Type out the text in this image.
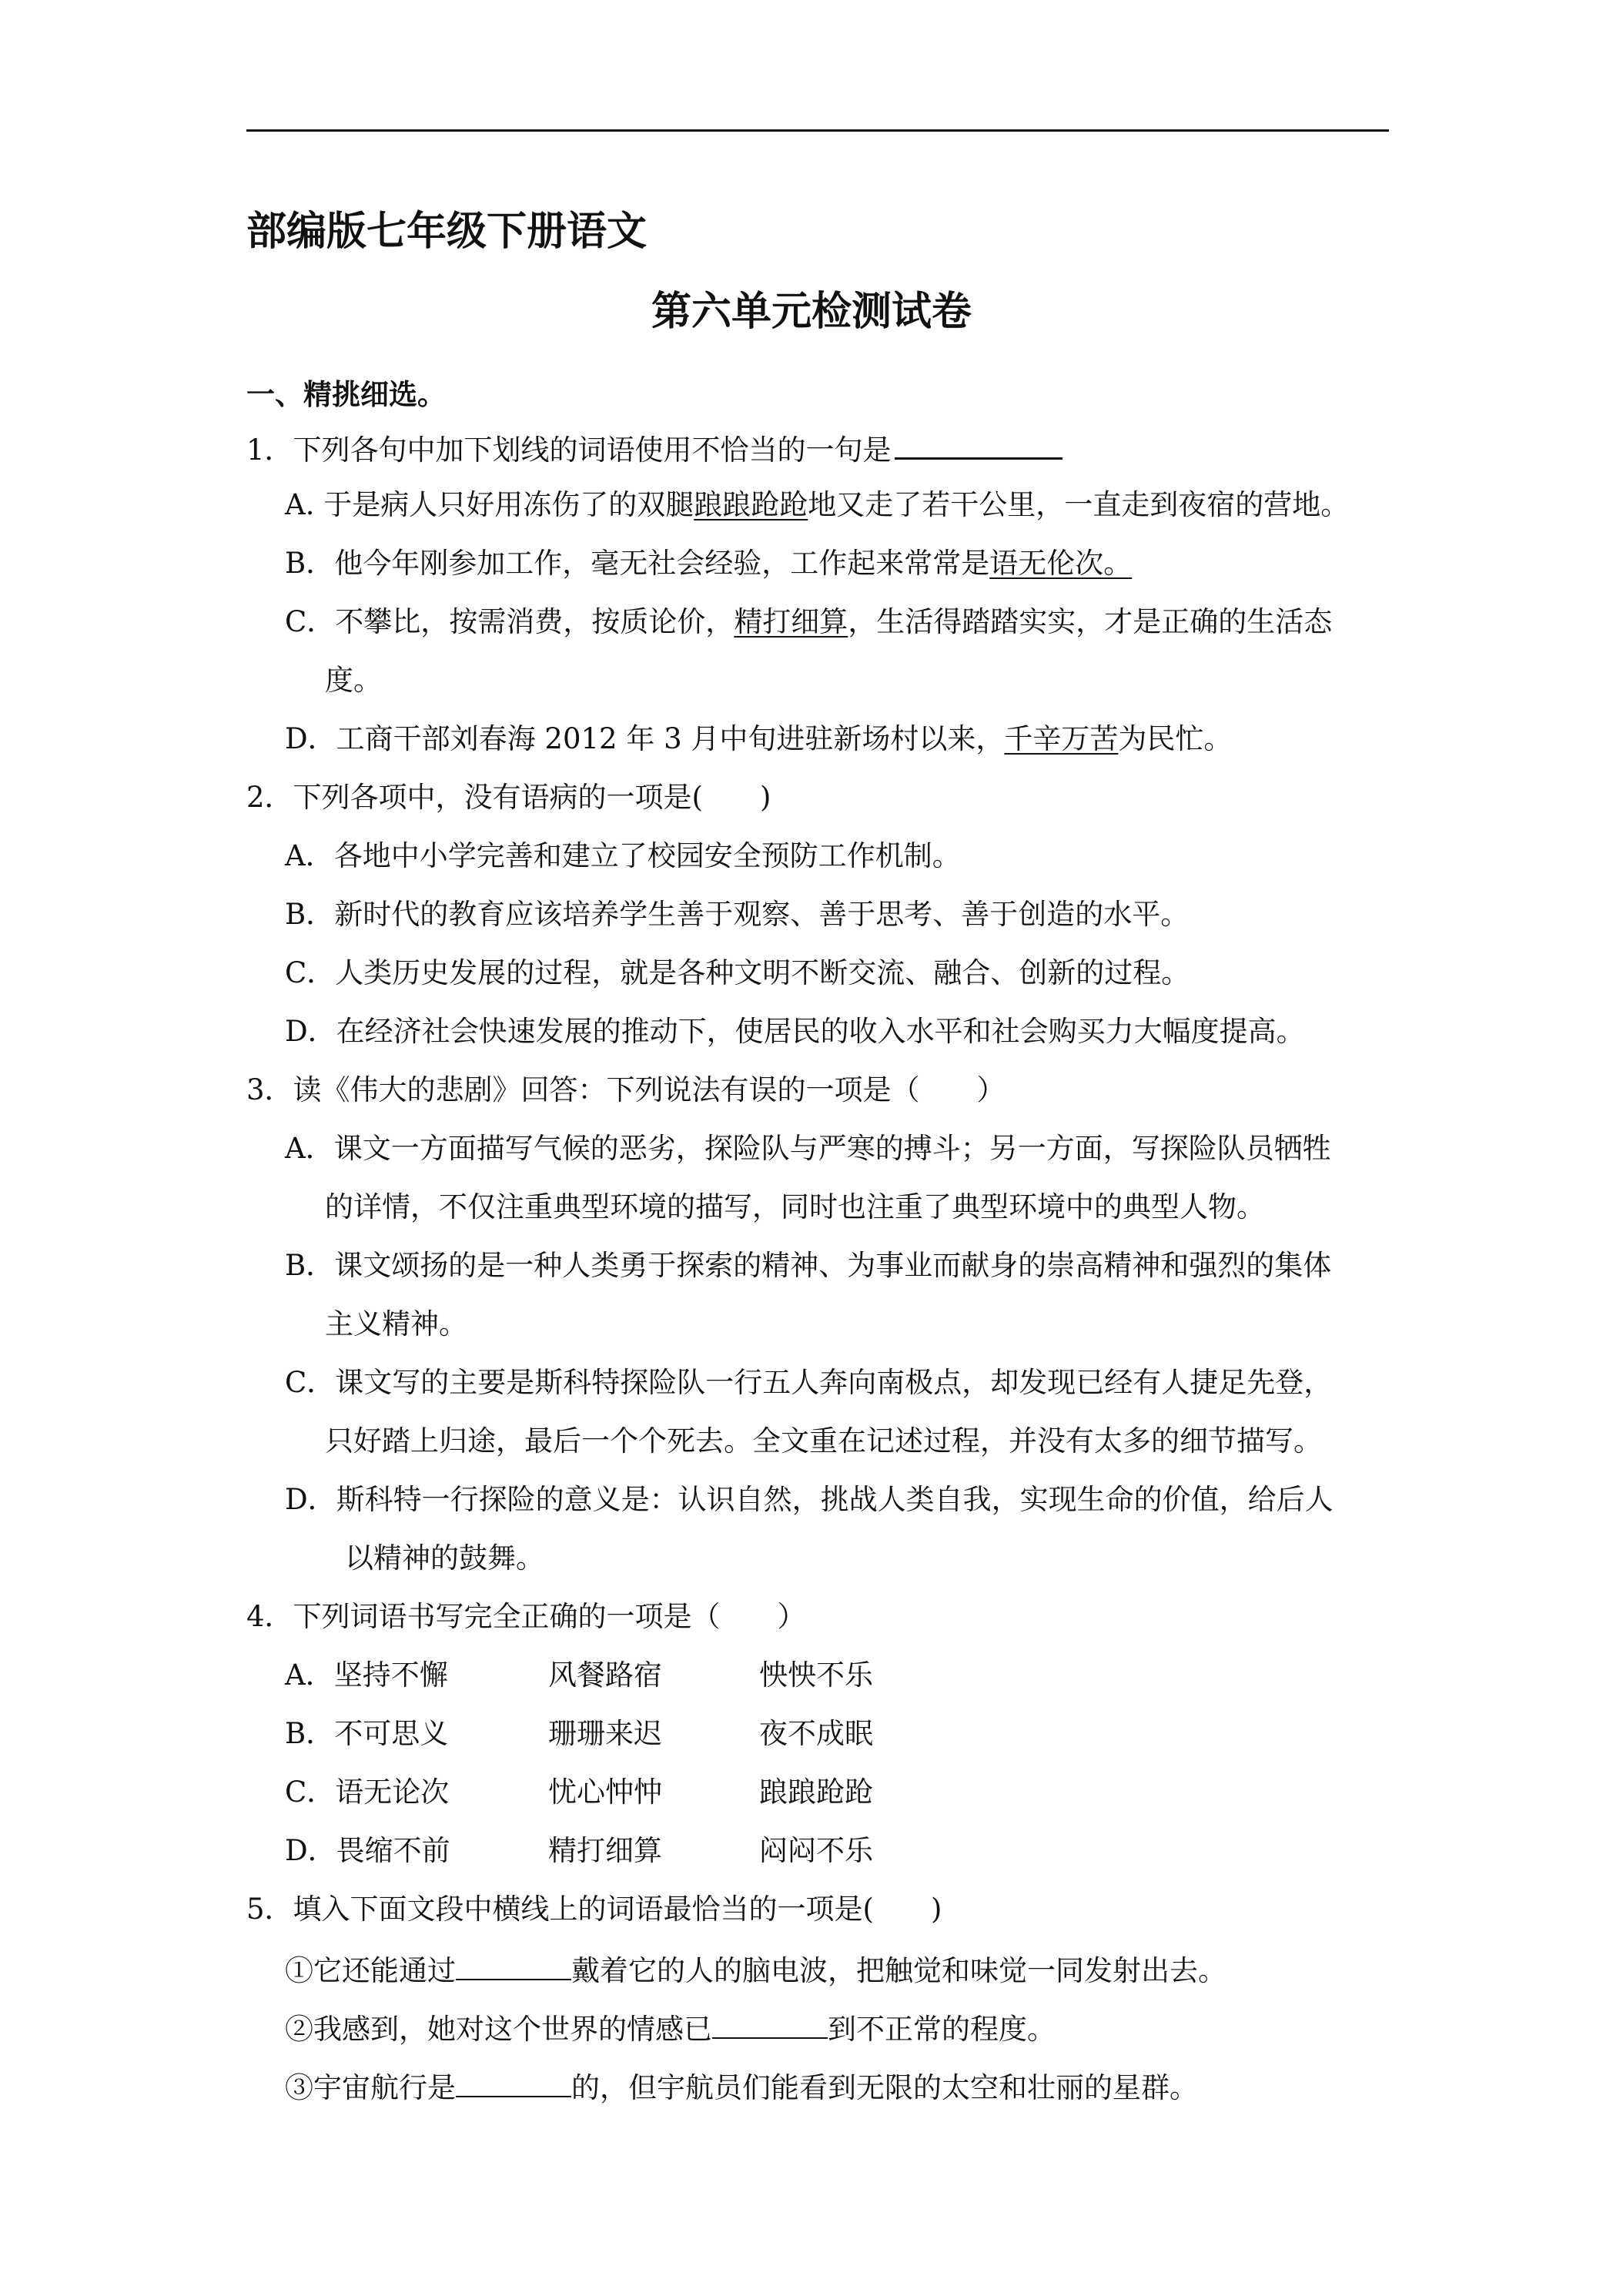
部编版七年级下册语文
第六单元检测试卷
一、精挑细选。
1．下列各句中加下划线的词语使用不恰当的一句是
A. 于是病人只好用冻伤了的双腿踉踉跄跄地又走了若干公里，一直走到夜宿的营地。
B．他今年刚参加工作，毫无社会经验，工作起来常常是语无伦次。
C．不攀比，按需消费，按质论价，精打细算，生活得踏踏实实，才是正确的生活态
度。
D．工商干部刘春海 2012 年 3 月中旬进驻新场村以来，千辛万苦为民忙。
2．下列各项中，没有语病的一项是(　　)
A．各地中小学完善和建立了校园安全预防工作机制。
B．新时代的教育应该培养学生善于观察、善于思考、善于创造的水平。
C．人类历史发展的过程，就是各种文明不断交流、融合、创新的过程。
D．在经济社会快速发展的推动下，使居民的收入水平和社会购买力大幅度提高。
3．读《伟大的悲剧》回答：下列说法有误的一项是（　　）
A．课文一方面描写气候的恶劣，探险队与严寒的搏斗；另一方面，写探险队员牺牲
的详情，不仅注重典型环境的描写，同时也注重了典型环境中的典型人物。
B．课文颂扬的是一种人类勇于探索的精神、为事业而献身的崇高精神和强烈的集体
主义精神。
C．课文写的主要是斯科特探险队一行五人奔向南极点，却发现已经有人捷足先登，
只好踏上归途，最后一个个死去。全文重在记述过程，并没有太多的细节描写。
D．斯科特一行探险的意义是：认识自然，挑战人类自我，实现生命的价值，给后人
以精神的鼓舞。
4．下列词语书写完全正确的一项是（　　）
A．坚持不懈	风餐路宿	怏怏不乐
B．不可思义	珊珊来迟	夜不成眠
C．语无论次	忧心忡忡	踉踉跄跄
D．畏缩不前	精打细算	闷闷不乐
5．填入下面文段中横线上的词语最恰当的一项是(　　)
①它还能通过	戴着它的人的脑电波，把触觉和味觉一同发射出去。
②我感到，她对这个世界的情感已	到不正常的程度。
③宇宙航行是	的，但宇航员们能看到无限的太空和壮丽的星群。
